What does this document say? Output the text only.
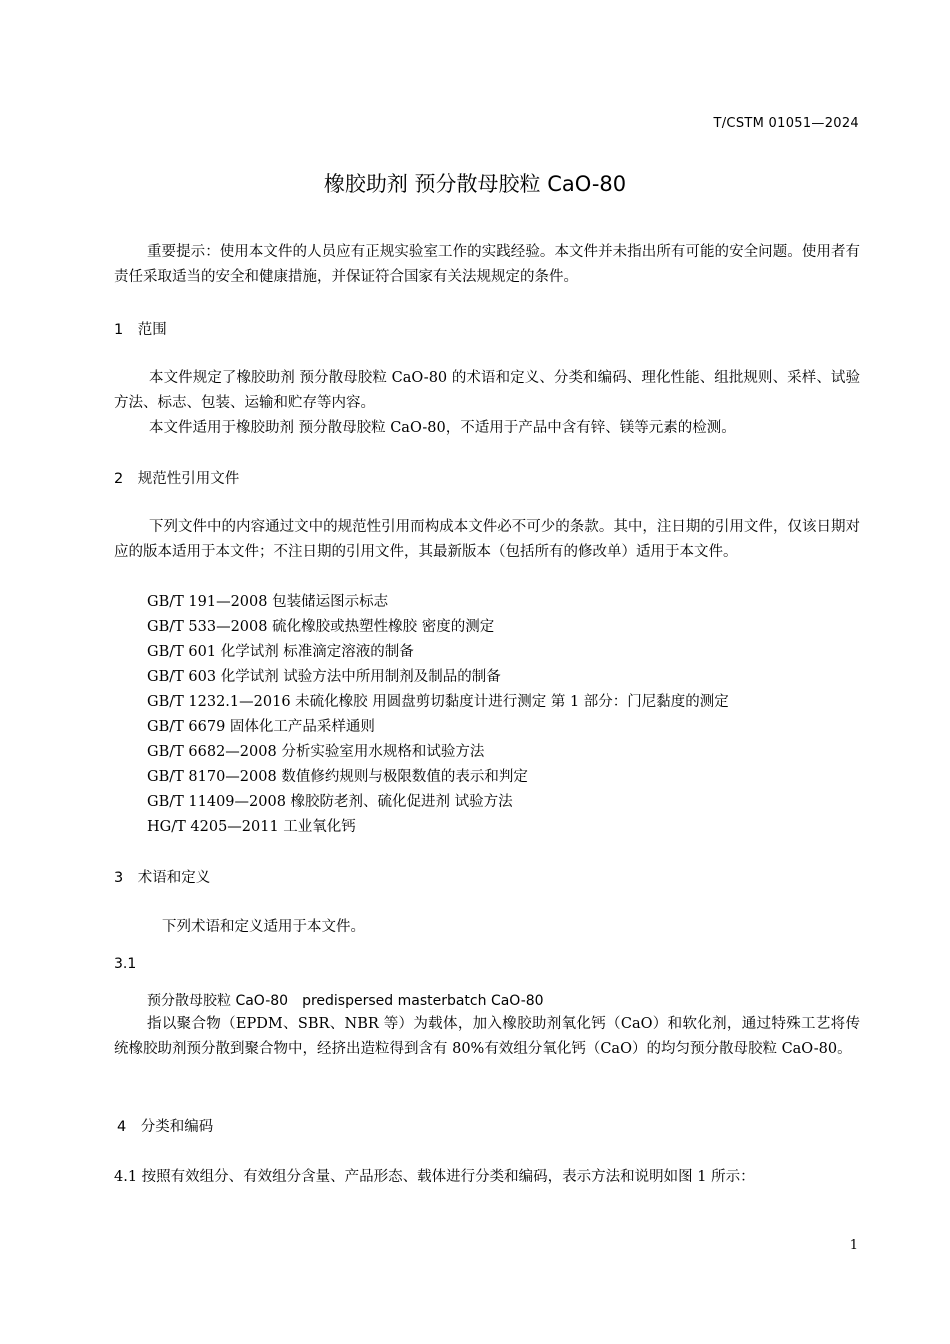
T/CSTM 01051—2024
橡胶助剂 预分散母胶粒 CaO-80
重要提示：使用本文件的人员应有正规实验室工作的实践经验。本文件并未指出所有可能的安全问题。使用者有责任采取适当的安全和健康措施，并保证符合国家有关法规规定的条件。
1　范围
本文件规定了橡胶助剂 预分散母胶粒 CaO-80 的术语和定义、分类和编码、理化性能、组批规则、采样、试验方法、标志、包装、运输和贮存等内容。
本文件适用于橡胶助剂 预分散母胶粒 CaO-80，不适用于产品中含有锌、镁等元素的检测。
2　规范性引用文件
下列文件中的内容通过文中的规范性引用而构成本文件必不可少的条款。其中，注日期的引用文件，仅该日期对应的版本适用于本文件；不注日期的引用文件，其最新版本（包括所有的修改单）适用于本文件。
GB/T 191—2008 包装储运图示标志
GB/T 533—2008 硫化橡胶或热塑性橡胶 密度的测定
GB/T 601 化学试剂 标准滴定溶液的制备
GB/T 603 化学试剂 试验方法中所用制剂及制品的制备
GB/T 1232.1—2016 未硫化橡胶 用圆盘剪切黏度计进行测定 第 1 部分：门尼黏度的测定
GB/T 6679 固体化工产品采样通则
GB/T 6682—2008 分析实验室用水规格和试验方法
GB/T 8170—2008 数值修约规则与极限数值的表示和判定
GB/T 11409—2008 橡胶防老剂、硫化促进剂 试验方法
HG/T 4205—2011 工业氧化钙
3　术语和定义
下列术语和定义适用于本文件。
3.1
预分散母胶粒 CaO-80　predispersed masterbatch CaO-80
指以聚合物（EPDM、SBR、NBR 等）为载体，加入橡胶助剂氧化钙（CaO）和软化剂，通过特殊工艺将传统橡胶助剂预分散到聚合物中，经挤出造粒得到含有 80%有效组分氧化钙（CaO）的均匀预分散母胶粒 CaO-80。
4　分类和编码
4.1 按照有效组分、有效组分含量、产品形态、载体进行分类和编码，表示方法和说明如图 1 所示：
1
